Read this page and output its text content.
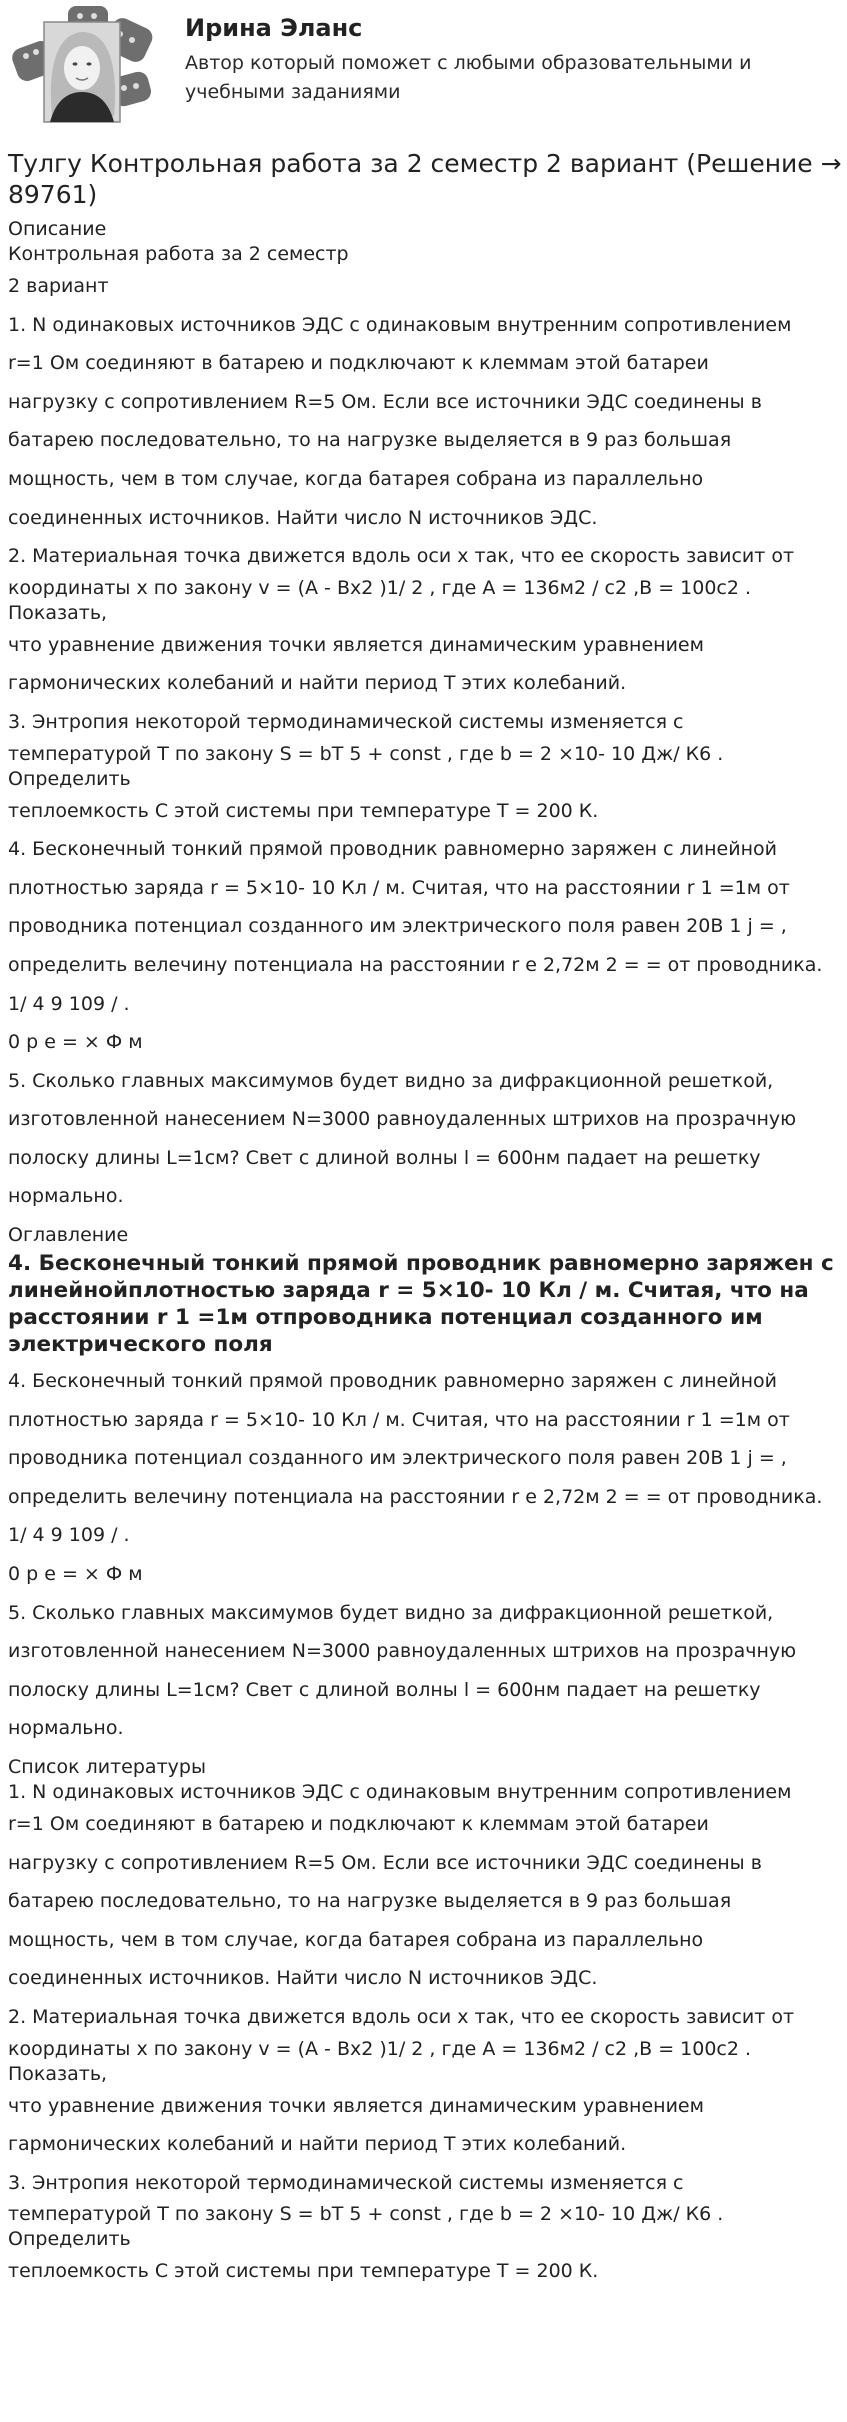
Ирина Эланс
Автор который поможет с любыми образовательными и учебными заданиями
Тулгу Контрольная работа за 2 семестр 2 вариант (Решение → 89761)
Описание
Контрольная работа за 2 семестр
2 вариант
1. N одинаковых источников ЭДС с одинаковым внутренним сопротивлением
r=1 Ом соединяют в батарею и подключают к клеммам этой батареи
нагрузку с сопротивлением R=5 Ом. Если все источники ЭДС соединены в
батарею последовательно, то на нагрузке выделяется в 9 раз большая
мощность, чем в том случае, когда батарея собрана из параллельно
соединенных источников. Найти число N источников ЭДС.
2. Материальная точка движется вдоль оси x так, что ее скорость зависит от
координаты x по закону v = (A - Bx2 )1/ 2 , где A = 136м2 / с2 ,B = 100с2 .
Показать,
что уравнение движения точки является динамическим уравнением
гармонических колебаний и найти период T этих колебаний.
3. Энтропия некоторой термодинамической системы изменяется с
температурой Т по закону S = bT 5 + const , где b = 2 ×10- 10 Дж/ К6 .
Определить
теплоемкость С этой системы при температуре Т = 200 К.
4. Бесконечный тонкий прямой проводник равномерно заряжен с линейной
плотностью заряда r = 5×10- 10 Кл / м. Считая, что на расстоянии r 1 =1м от
проводника потенциал созданного им электрического поля равен 20В 1 j = ,
определить велечину потенциала на расстоянии r e 2,72м 2 = = от проводника.
1/ 4 9 109 / .
0 p e = × Ф м
5. Сколько главных максимумов будет видно за дифракционной решеткой,
изготовленной нанесением N=3000 равноудаленных штрихов на прозрачную
полоску длины L=1см? Свет с длиной волны l = 600нм падает на решетку
нормально.
Оглавление
4. Бесконечный тонкий прямой проводник равномерно заряжен с линейнойплотностью заряда r = 5×10- 10 Кл / м. Считая, что на расстоянии r 1 =1м отпроводника потенциал созданного им электрического поля
4. Бесконечный тонкий прямой проводник равномерно заряжен с линейной
плотностью заряда r = 5×10- 10 Кл / м. Считая, что на расстоянии r 1 =1м от
проводника потенциал созданного им электрического поля равен 20В 1 j = ,
определить велечину потенциала на расстоянии r e 2,72м 2 = = от проводника.
1/ 4 9 109 / .
0 p e = × Ф м
5. Сколько главных максимумов будет видно за дифракционной решеткой,
изготовленной нанесением N=3000 равноудаленных штрихов на прозрачную
полоску длины L=1см? Свет с длиной волны l = 600нм падает на решетку
нормально.
Список литературы
1. N одинаковых источников ЭДС с одинаковым внутренним сопротивлением
r=1 Ом соединяют в батарею и подключают к клеммам этой батареи
нагрузку с сопротивлением R=5 Ом. Если все источники ЭДС соединены в
батарею последовательно, то на нагрузке выделяется в 9 раз большая
мощность, чем в том случае, когда батарея собрана из параллельно
соединенных источников. Найти число N источников ЭДС.
2. Материальная точка движется вдоль оси x так, что ее скорость зависит от
координаты x по закону v = (A - Bx2 )1/ 2 , где A = 136м2 / с2 ,B = 100с2 .
Показать,
что уравнение движения точки является динамическим уравнением
гармонических колебаний и найти период T этих колебаний.
3. Энтропия некоторой термодинамической системы изменяется с
температурой Т по закону S = bT 5 + const , где b = 2 ×10- 10 Дж/ К6 .
Определить
теплоемкость С этой системы при температуре Т = 200 К.
